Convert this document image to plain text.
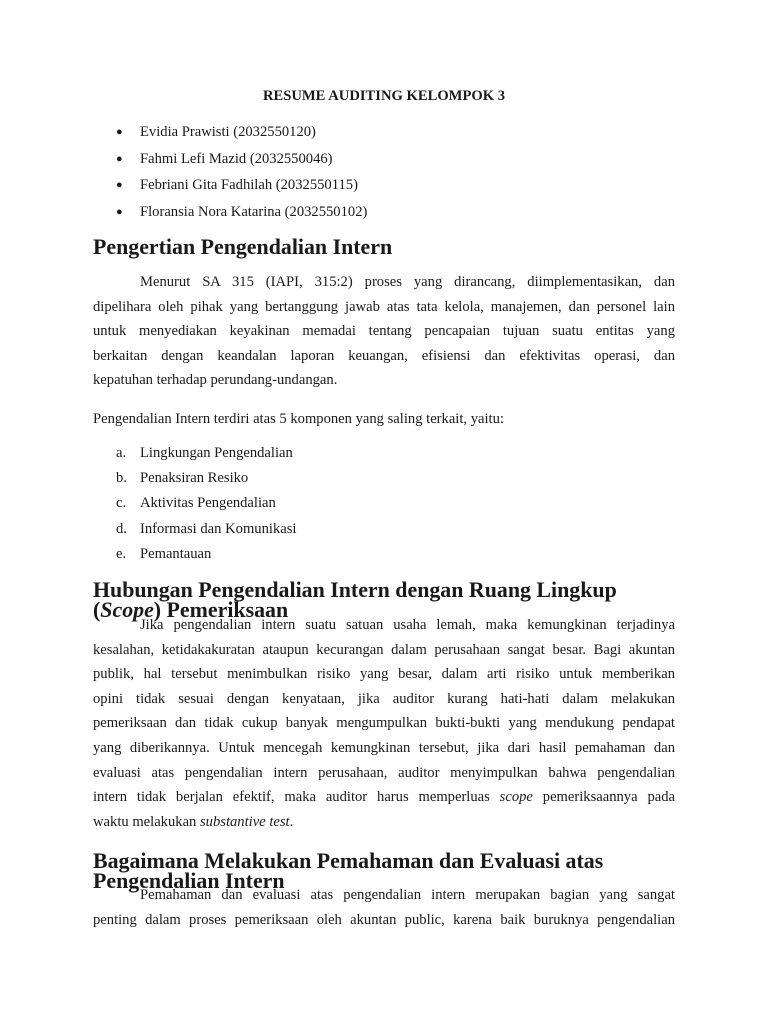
RESUME AUDITING KELOMPOK 3
● Evidia Prawisti (2032550120)
● Fahmi Lefi Mazid (2032550046)
● Febriani Gita Fadhilah (2032550115)
● Floransia Nora Katarina (2032550102)
Pengertian Pengendalian Intern
Menurut SA 315 (IAPI, 315:2) proses yang dirancang, diimplementasikan, dan
dipelihara oleh pihak yang bertanggung jawab atas tata kelola, manajemen, dan personel lain
untuk menyediakan keyakinan memadai tentang pencapaian tujuan suatu entitas yang
berkaitan dengan keandalan laporan keuangan, efisiensi dan efektivitas operasi, dan
kepatuhan terhadap perundang-undangan.

Pengendalian Intern terdiri atas 5 komponen yang saling terkait, yaitu:

a. Lingkungan Pengendalian
b. Penaksiran Resiko
c. Aktivitas Pengendalian
d. Informasi dan Komunikasi
e. Pemantauan
Hubungan Pengendalian Intern dengan Ruang Lingkup (Scope) Pemeriksaan
Jika pengendalian intern suatu satuan usaha lemah, maka kemungkinan terjadinya
kesalahan, ketidakakuratan ataupun kecurangan dalam perusahaan sangat besar. Bagi akuntan
publik, hal tersebut menimbulkan risiko yang besar, dalam arti risiko untuk memberikan
opini tidak sesuai dengan kenyataan, jika auditor kurang hati-hati dalam melakukan
pemeriksaan dan tidak cukup banyak mengumpulkan bukti-bukti yang mendukung pendapat
yang diberikannya. Untuk mencegah kemungkinan tersebut, jika dari hasil pemahaman dan
evaluasi atas pengendalian intern perusahaan, auditor menyimpulkan bahwa pengendalian
intern tidak berjalan efektif, maka auditor harus memperluas scope pemeriksaannya pada
waktu melakukan substantive test.
Bagaimana Melakukan Pemahaman dan Evaluasi atas Pengendalian Intern
Pemahaman dan evaluasi atas pengendalian intern merupakan bagian yang sangat
penting dalam proses pemeriksaan oleh akuntan public, karena baik buruknya pengendalian
